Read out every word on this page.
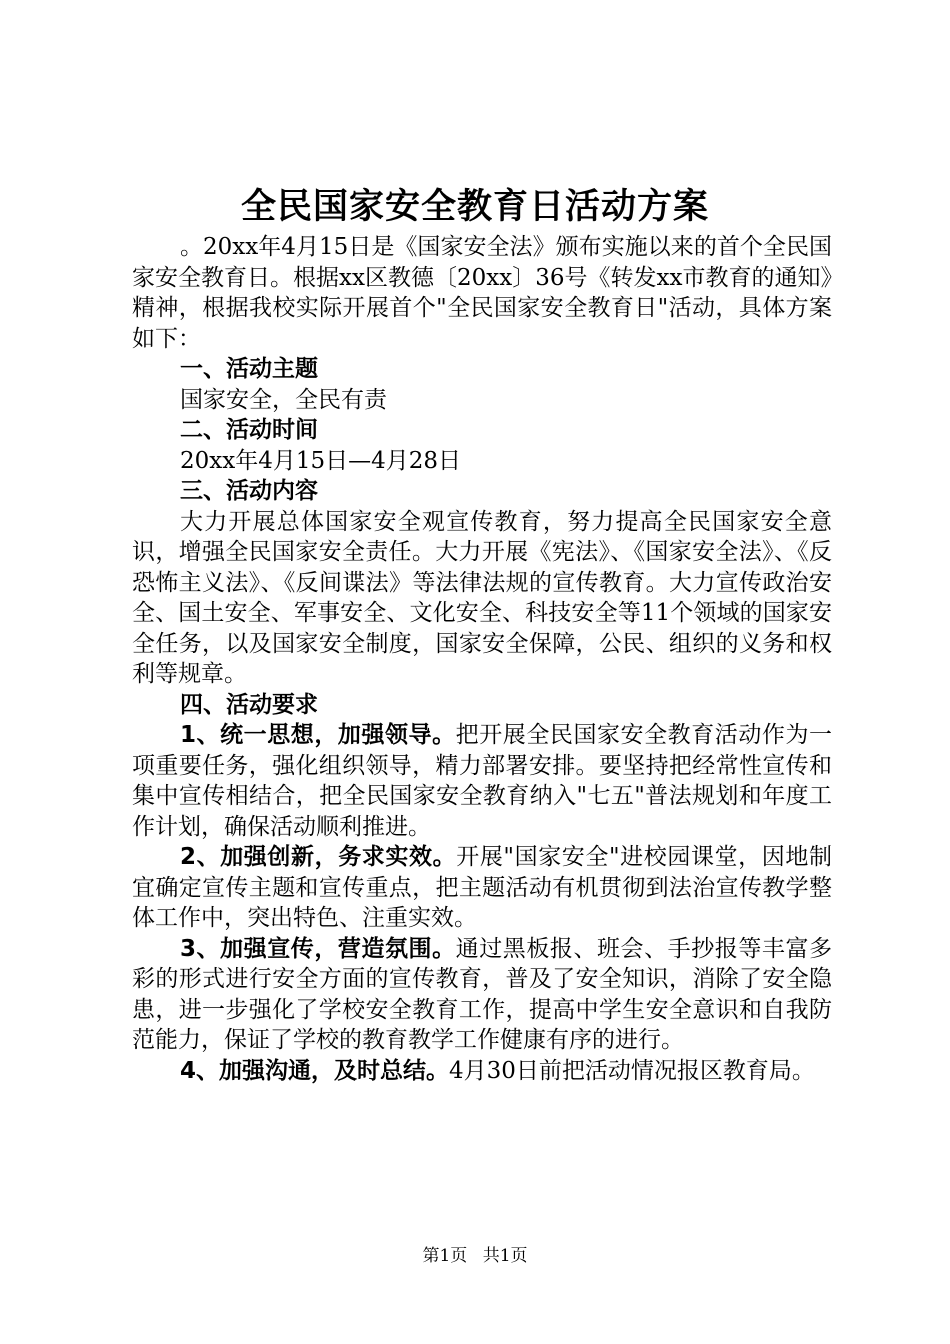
全民国家安全教育日活动方案

。20xx年4月15日是《国家安全法》颁布实施以来的首个全民国家安全教育日。根据xx区教德〔20xx〕36号《转发xx市教育的通知》精神，根据我校实际开展首个"全民国家安全教育日"活动，具体方案如下：

一、活动主题

国家安全，全民有责

二、活动时间

20xx年4月15日—4月28日

三、活动内容

大力开展总体国家安全观宣传教育，努力提高全民国家安全意识，增强全民国家安全责任。大力开展《宪法》、《国家安全法》、《反恐怖主义法》、《反间谍法》等法律法规的宣传教育。大力宣传政治安全、国土安全、军事安全、文化安全、科技安全等11个领域的国家安全任务，以及国家安全制度，国家安全保障，公民、组织的义务和权利等规章。

四、活动要求

1、统一思想，加强领导。把开展全民国家安全教育活动作为一项重要任务，强化组织领导，精力部署安排。要坚持把经常性宣传和集中宣传相结合，把全民国家安全教育纳入"七五"普法规划和年度工作计划，确保活动顺利推进。

2、加强创新，务求实效。开展"国家安全"进校园课堂，因地制宜确定宣传主题和宣传重点，把主题活动有机贯彻到法治宣传教学整体工作中，突出特色、注重实效。

3、加强宣传，营造氛围。通过黑板报、班会、手抄报等丰富多彩的形式进行安全方面的宣传教育，普及了安全知识，消除了安全隐患，进一步强化了学校安全教育工作，提高中学生安全意识和自我防范能力，保证了学校的教育教学工作健康有序的进行。

4、加强沟通，及时总结。4月30日前把活动情况报区教育局。

第1页 共1页
